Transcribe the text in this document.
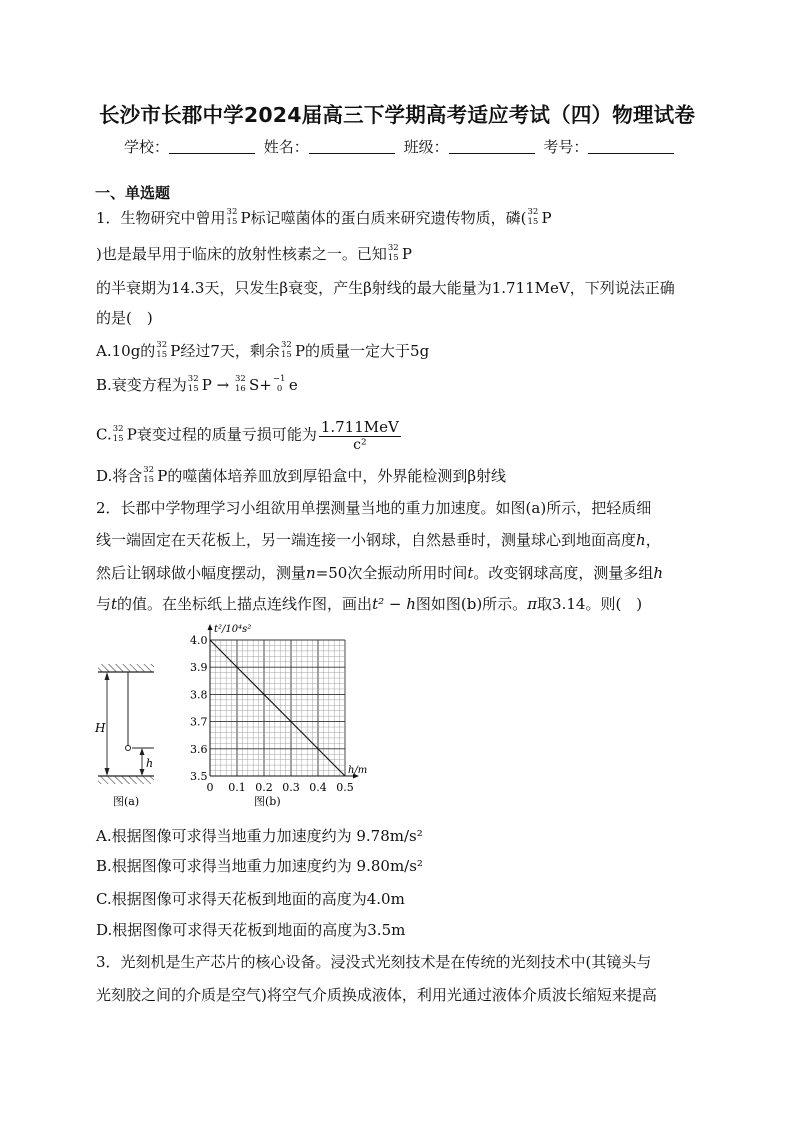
长沙市长郡中学2024届高三下学期高考适应考试（四）物理试卷
学校：	姓名：	班级：	考号：
一、单选题
1．生物研究中曾用 32
15 P标记噬菌体的蛋白质来研究遗传物质，磷( 32
15 P
)也是最早用于临床的放射性核素之一。已知 32
15 P
的半衰期为14.3天，只发生β衰变，产生β射线的最大能量为1.711MeV，下列说法正确
的是(　)
A.10g的 32
15 P经过7天，剩余 32
15 P的质量一定大于5g
B.衰变方程为 32
15 P → 32
16 S+ −1
0 e
C. 32
15 P衰变过程的质量亏损可能为 $\frac{\text{1.711MeV}}{\text{c²}}$
D.将含 32
15 P的噬菌体培养皿放到厚铅盒中，外界能检测到β射线
2．长郡中学物理学习小组欲用单摆测量当地的重力加速度。如图(a)所示，把轻质细
线一端固定在天花板上，另一端连接一小钢球，自然悬垂时，测量球心到地面高度h，
然后让钢球做小幅度摆动，测量n=50次全振动所用时间t。改变钢球高度，测量多组h
与t的值。在坐标纸上描点连线作图，画出t² − h图如图(b)所示。π取3.14。则(　)
H
h
图(a)
3.5
3.6
3.7
3.8
3.9
4.0
0 0.1 0.2 0.3 0.4 0.5
t²/10⁴s²
h/m
图(b)
A.根据图像可求得当地重力加速度约为 9.78m/s²
B.根据图像可求得当地重力加速度约为 9.80m/s²
C.根据图像可求得天花板到地面的高度为4.0m
D.根据图像可求得天花板到地面的高度为3.5m
3．光刻机是生产芯片的核心设备。浸没式光刻技术是在传统的光刻技术中(其镜头与
光刻胶之间的介质是空气)将空气介质换成液体，利用光通过液体介质波长缩短来提高
